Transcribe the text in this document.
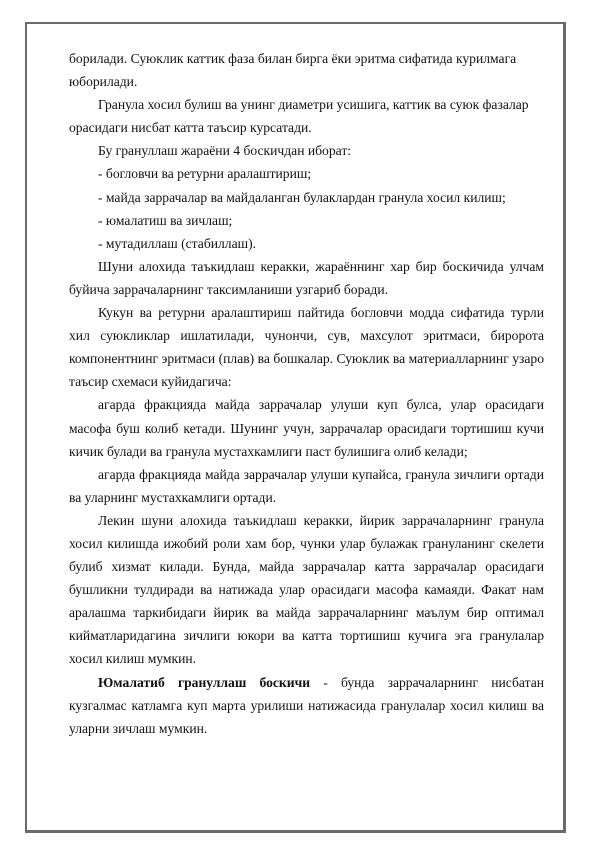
борилади. Суюклик каттик фаза билан бирга ёки эритма сифатида курилмага юборилади.

Гранула хосил булиш ва унинг диаметри усишига, каттик ва суюк фазалар орасидаги нисбат катта таъсир курсатади.

Бу грануллаш жараёни 4 боскичдан иборат:

- богловчи ва ретурни аралаштириш;

- майда заррачалар ва майдаланган булаклардан гранула хосил килиш;

- юмалатиш ва зичлаш;

- мутадиллаш (стабиллаш).

Шуни алохида таъкидлаш керакки, жараённинг хар бир боскичида улчам буйича заррачаларнинг таксимланиши узгариб боради.

Кукун ва ретурни аралаштириш пайтида богловчи модда сифатида турли хил суюкликлар ишлатилади, чунончи, сув, махсулот эритмаси, биророта компонентнинг эритмаси (плав) ва бошкалар. Суюклик ва материалларнинг узаро таъсир схемаси куйидагича:

агарда фракцияда майда заррачалар улуши куп булса, улар орасидаги масофа буш колиб кетади. Шунинг учун, заррачалар орасидаги тортишиш кучи кичик булади ва гранула мустахкамлиги паст булишига олиб келади;

агарда фракцияда майда заррачалар улуши купайса, гранула зичлиги ортади ва уларнинг мустахкамлиги ортади.

Лекин шуни алохида таъкидлаш керакки, йирик заррачаларнинг гранула хосил килишда ижобий роли хам бор, чунки улар булажак грануланинг скелети булиб хизмат килади. Бунда, майда заррачалар катта заррачалар орасидаги бушликни тулдиради ва натижада улар орасидаги масофа камаяди. Факат нам аралашма таркибидаги йирик ва майда заррачаларнинг маълум бир оптимал кийматларидагина зичлиги юкори ва катта тортишиш кучига эга гранулалар хосил килиш мумкин.

Юмалатиб грануллаш боскичи - бунда заррачаларнинг нисбатан кузгалмас катламга куп марта урилиши натижасида гранулалар хосил килиш ва уларни зичлаш мумкин.
